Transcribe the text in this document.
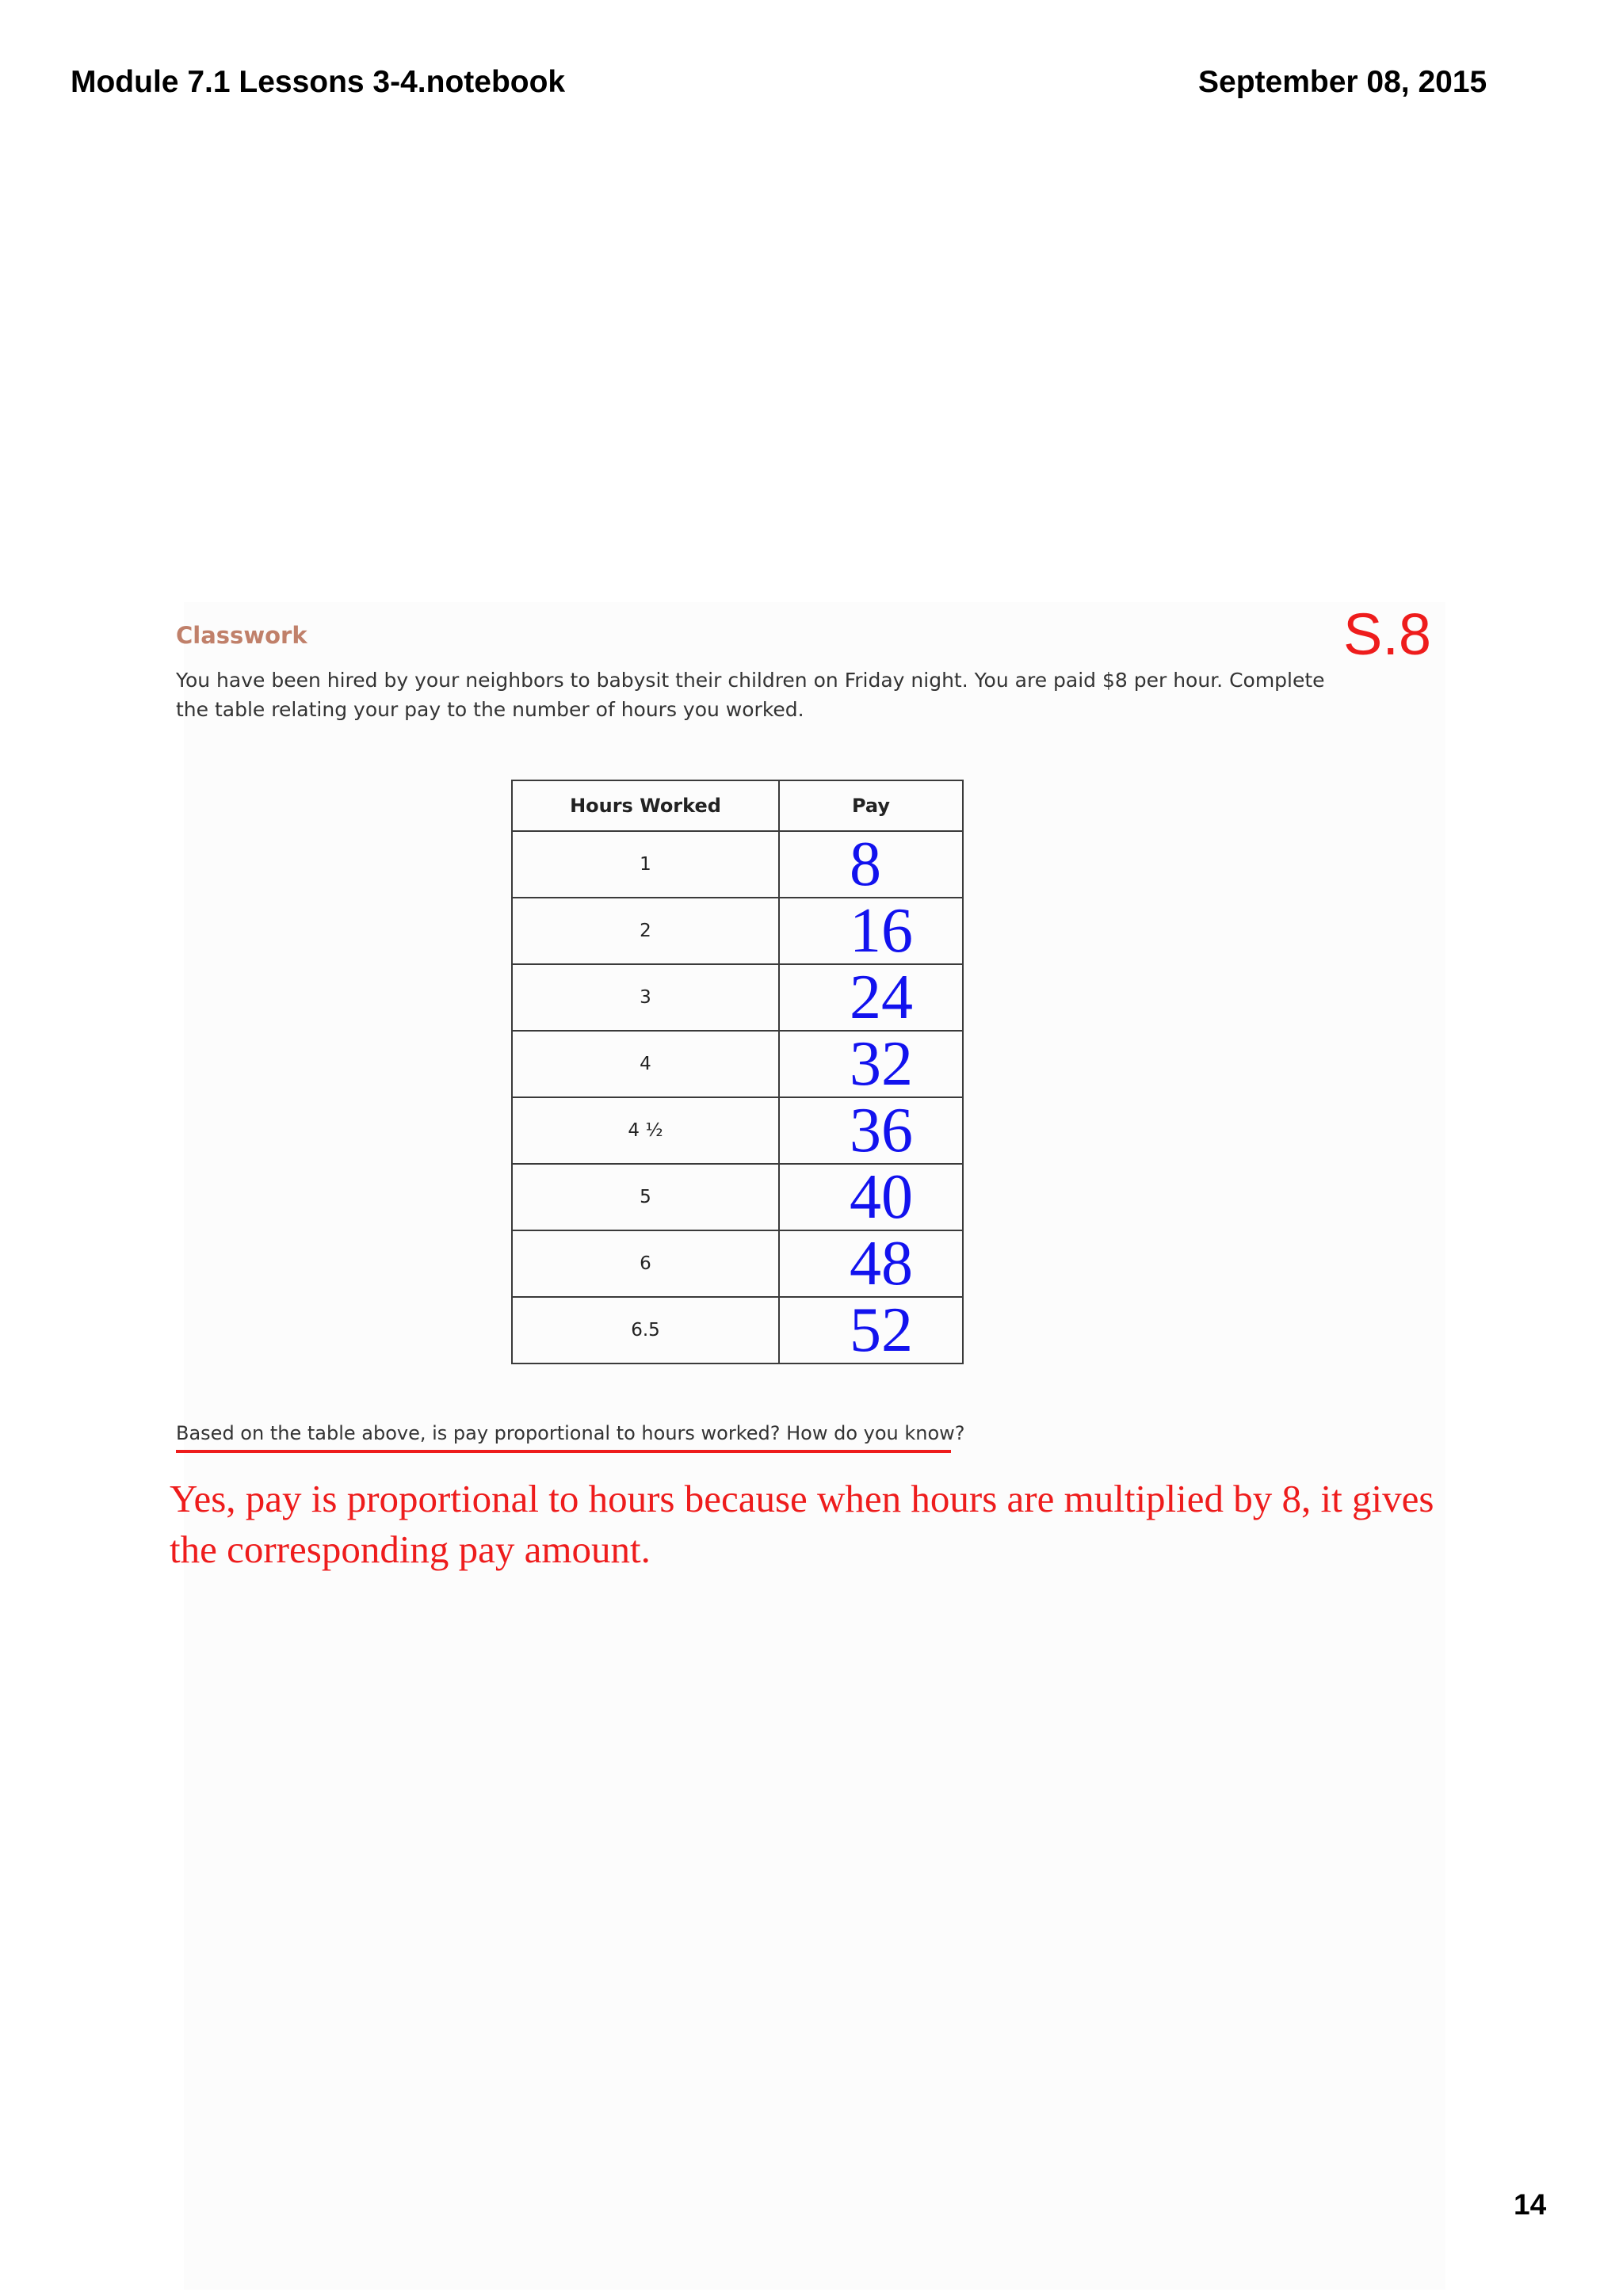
Module 7.1 Lessons 3-4.notebook	September 08, 2015
Classwork	S.8
You have been hired by your neighbors to babysit their children on Friday night. You are paid $8 per hour. Complete the table relating your pay to the number of hours you worked.
Hours Worked	Pay
1	8
2	16
3	24
4	32
4 ½	36
5	40
6	48
6.5	52
Based on the table above, is pay proportional to hours worked? How do you know?
Yes, pay is proportional to hours because when hours are multiplied by 8, it gives the corresponding pay amount.
14
